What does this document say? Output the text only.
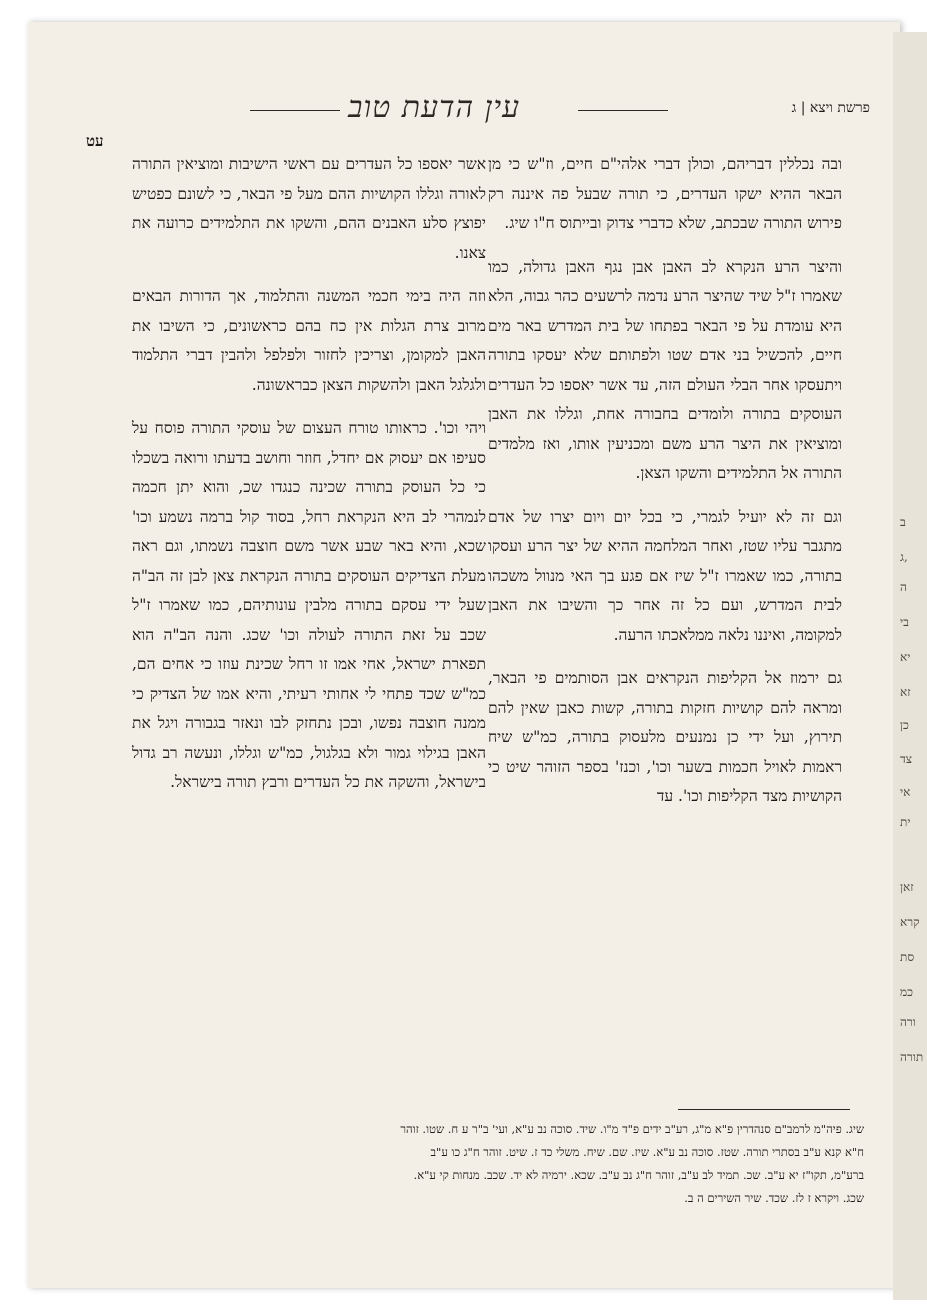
ב
ג,
ה
בי
יא
זא
כן
צד
אי
ית
זאן
קרא
סת
כמ
ורה
תורה
פרשת ויצא | ג
עין הדעת טוב
עט

ובה נכללין דבריהם, וכולן דברי אלהי"ם חיים, וז"ש כי מן הבאר ההיא ישקו העדרים, כי תורה שבעל פה איננה רק פירוש התורה שבכתב, שלא כדברי צדוק ובייתוס ח"ו שיג.

והיצר הרע הנקרא לב האבן אבן נגף האבן גדולה, כמו שאמרו ז"ל שיד שהיצר הרע נדמה לרשעים כהר גבוה, הלא היא עומדת על פי הבאר בפתחו של בית המדרש באר מים חיים, להכשיל בני אדם שטו ולפתותם שלא יעסקו בתורה ויתעסקו אחר הבלי העולם הזה, עד אשר יאספו כל העדרים העוסקים בתורה ולומדים בחבורה אחת, וגללו את האבן ומוציאין את היצר הרע משם ומכניעין אותו, ואז מלמדים התורה אל התלמידים והשקו הצאן.

וגם זה לא יועיל לגמרי, כי בכל יום ויום יצרו של אדם מתגבר עליו שטז, ואחר המלחמה ההיא של יצר הרע ועסקו בתורה, כמו שאמרו ז"ל שיז אם פגע בך האי מנוול משכהו לבית המדרש, ועם כל זה אחר כך והשיבו את האבן למקומה, ואיננו נלאה ממלאכתו הרעה.

גם ירמוז אל הקליפות הנקראים אבן הסותמים פי הבאר, ומראה להם קושיות חזקות בתורה, קשות כאבן שאין להם תירוץ, ועל ידי כן נמנעים מלעסוק בתורה, כמ"ש שיח ראמות לאויל חכמות בשער וכו', וכנז' בספר הזוהר שיט כי הקושיות מצד הקליפות וכו'. עד

אשר יאספו כל העדרים עם ראשי הישיבות ומוציאין התורה לאורה וגללו הקושיות ההם מעל פי הבאר, כי לשונם כפטיש יפוצץ סלע האבנים ההם, והשקו את התלמידים כרועה את צאנו.

וזה היה בימי חכמי המשנה והתלמוד, אך הדורות הבאים מרוב צרת הגלות אין כח בהם כראשונים, כי השיבו את האבן למקומן, וצריכין לחזור ולפלפל ולהבין דברי התלמוד ולגלגל האבן ולהשקות הצאן כבראשונה.

ויהי וכו'. כראותו טורח העצום של עוסקי התורה פוסח על סעיפו אם יעסוק אם יחדל, חוזר וחושב בדעתו ורואה בשכלו כי כל העוסק בתורה שכינה כנגדו שכ, והוא יתן חכמה לנמהרי לב היא הנקראת רחל, בסוד קול ברמה נשמע וכו' שכא, והיא באר שבע אשר משם חוצבה נשמתו, וגם ראה מעלת הצדיקים העוסקים בתורה הנקראת צאן לבן זה הב"ה שעל ידי עסקם בתורה מלבין עונותיהם, כמו שאמרו ז"ל שכב על זאת התורה לעולה וכו' שכג. והנה הב"ה הוא תפארת ישראל, אחי אמו זו רחל שכינת עוזו כי אחים הם, כמ"ש שכד פתחי לי אחותי רעיתי, והיא אמו של הצדיק כי ממנה חוצבה נפשו, ובכן נתחזק לבו ונאזר בגבורה ויגל את האבן בגילוי גמור ולא בגלגול, כמ"ש וגללו, ונעשה רב גדול בישראל, והשקה את כל העדרים ורבץ תורה בישראל.

שיג. פיה"מ לרמב"ם סנהדרין פ"א מ"ג, רע"ב ידים פ"ד מ"ו. שיד. סוכה נב ע"א, ועי' ב"ר ע ח. שטו. זוהר
ח"א קנא ע"ב בסתרי תורה. שטז. סוכה נב ע"א. שיז. שם. שיח. משלי כד ז. שיט. זוהר ח"ג כו ע"ב
ברע"מ, תקו"ז יא ע"ב. שכ. תמיד לב ע"ב, זוהר ח"ג נב ע"ב. שכא. ירמיה לא יד. שכב. מנחות קי ע"א.
שכג. ויקרא ז לז. שכד. שיר השירים ה ב.
